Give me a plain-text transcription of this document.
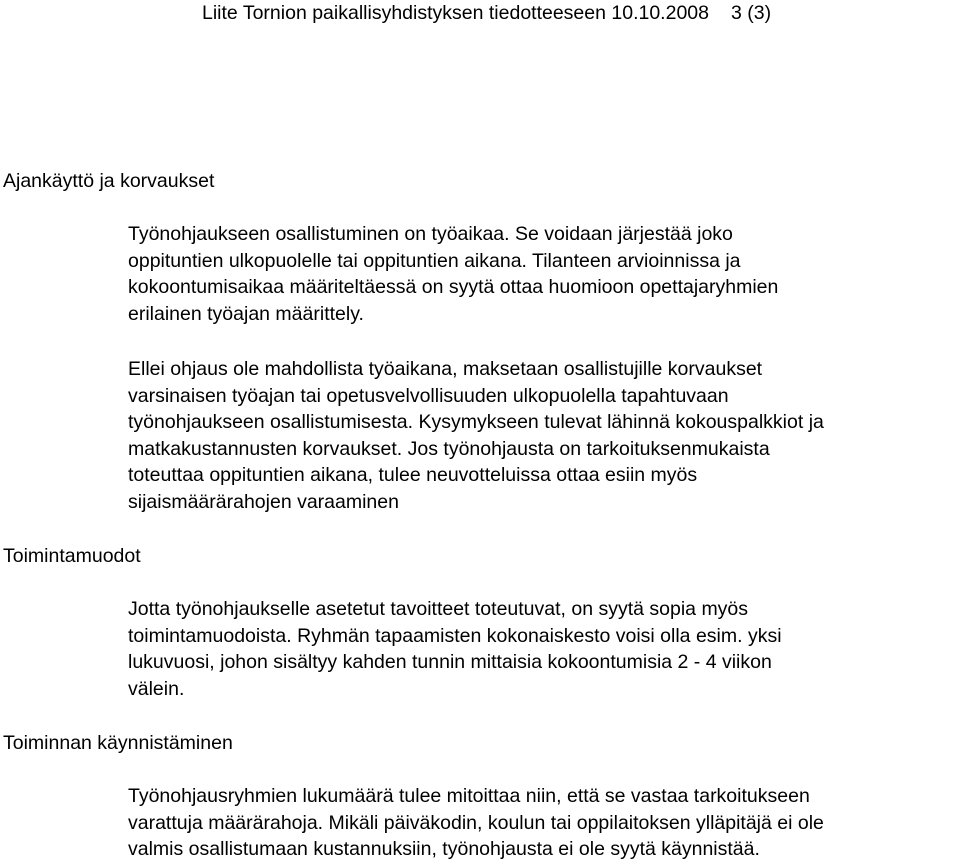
Liite Tornion paikallisyhdistyksen tiedotteeseen 10.10.2008 3 (3)
Ajankäyttö ja korvaukset

Työnohjaukseen osallistuminen on työaikaa. Se voidaan järjestää joko
oppituntien ulkopuolelle tai oppituntien aikana. Tilanteen arvioinnissa ja
kokoontumisaikaa määriteltäessä on syytä ottaa huomioon opettajaryhmien
erilainen työajan määrittely.

Ellei ohjaus ole mahdollista työaikana, maksetaan osallistujille korvaukset
varsinaisen työajan tai opetusvelvollisuuden ulkopuolella tapahtuvaan
työnohjaukseen osallistumisesta. Kysymykseen tulevat lähinnä kokouspalkkiot ja
matkakustannusten korvaukset. Jos työnohjausta on tarkoituksenmukaista
toteuttaa oppituntien aikana, tulee neuvotteluissa ottaa esiin myös
sijaismäärärahojen varaaminen

Toimintamuodot

Jotta työnohjaukselle asetetut tavoitteet toteutuvat, on syytä sopia myös
toimintamuodoista. Ryhmän tapaamisten kokonaiskesto voisi olla esim. yksi
lukuvuosi, johon sisältyy kahden tunnin mittaisia kokoontumisia 2 - 4 viikon
välein.

Toiminnan käynnistäminen

Työnohjausryhmien lukumäärä tulee mitoittaa niin, että se vastaa tarkoitukseen
varattuja määrärahoja. Mikäli päiväkodin, koulun tai oppilaitoksen ylläpitäjä ei ole
valmis osallistumaan kustannuksiin, työnohjausta ei ole syytä käynnistää.
